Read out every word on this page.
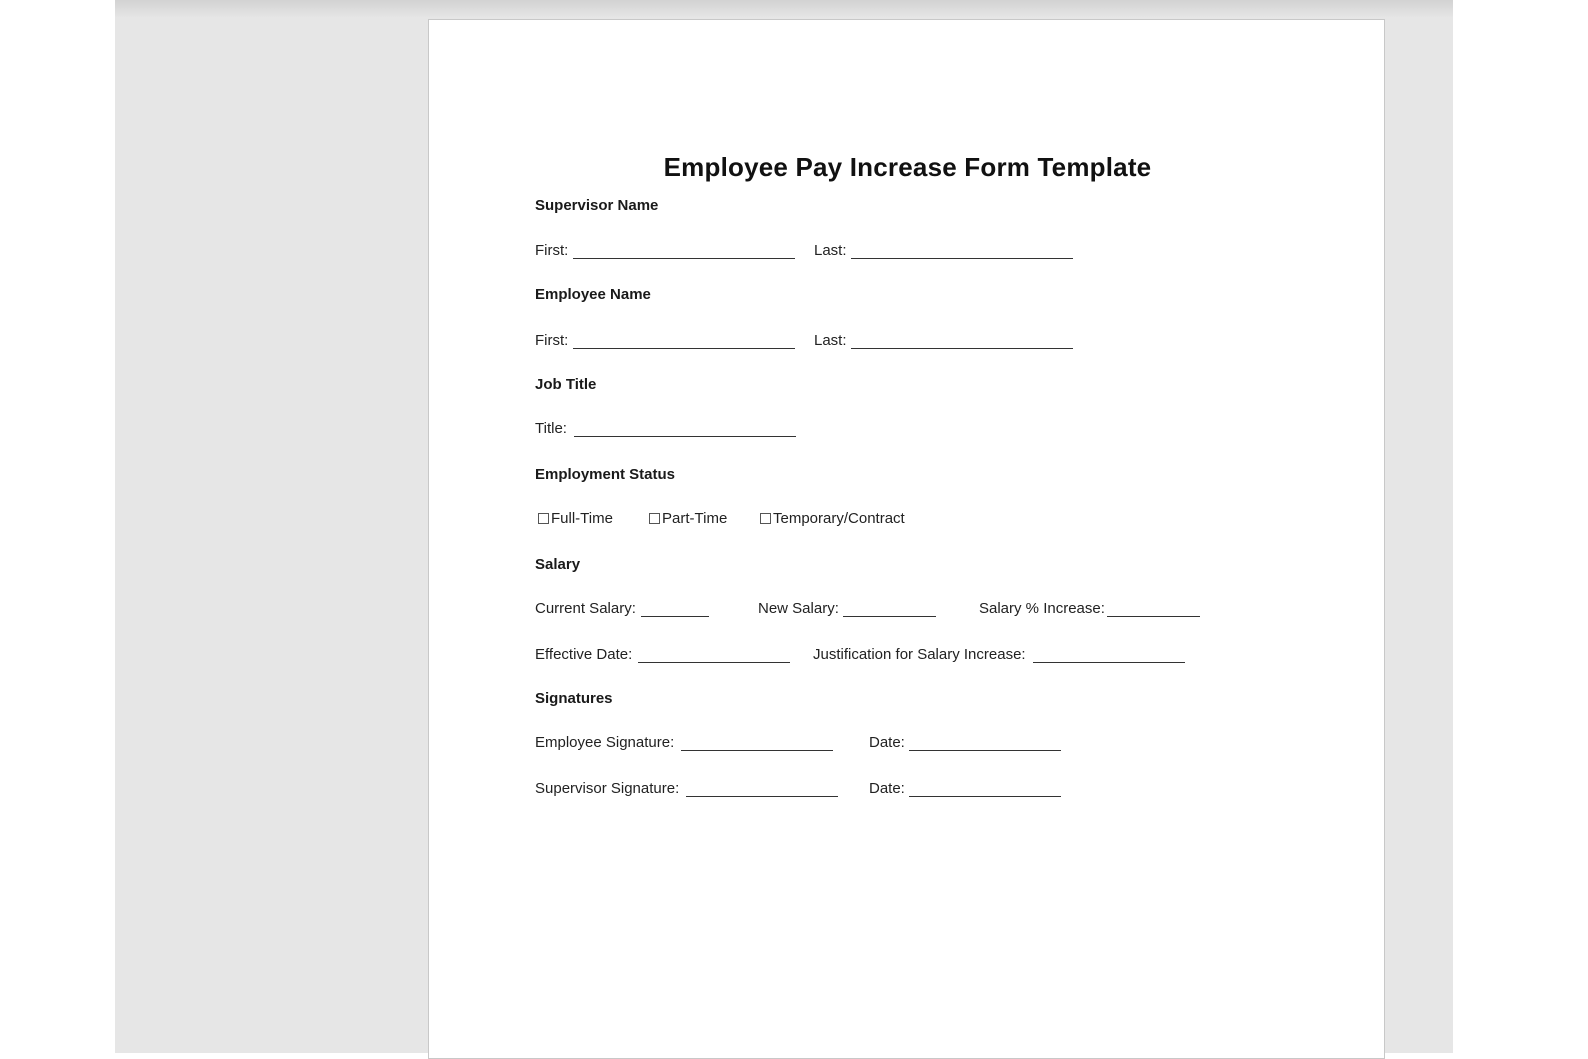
Employee Pay Increase Form Template
Supervisor Name
First:	Last:
Employee Name
First:	Last:
Job Title
Title:
Employment Status
Full-Time	Part-Time	Temporary/Contract
Salary
Current Salary:	New Salary:	Salary % Increase:
Effective Date:	Justification for Salary Increase:
Signatures
Employee Signature:	Date:
Supervisor Signature:	Date:
